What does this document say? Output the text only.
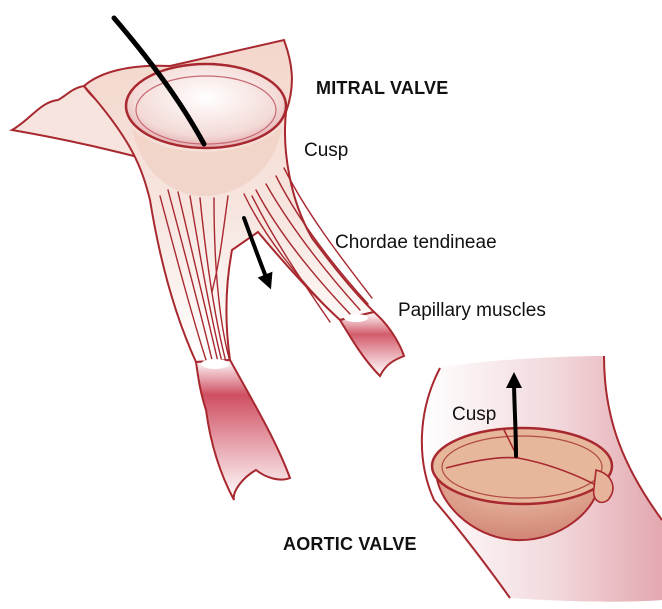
MITRAL VALVE
Cusp
Chordae tendineae
Papillary muscles
Cusp
AORTIC VALVE
